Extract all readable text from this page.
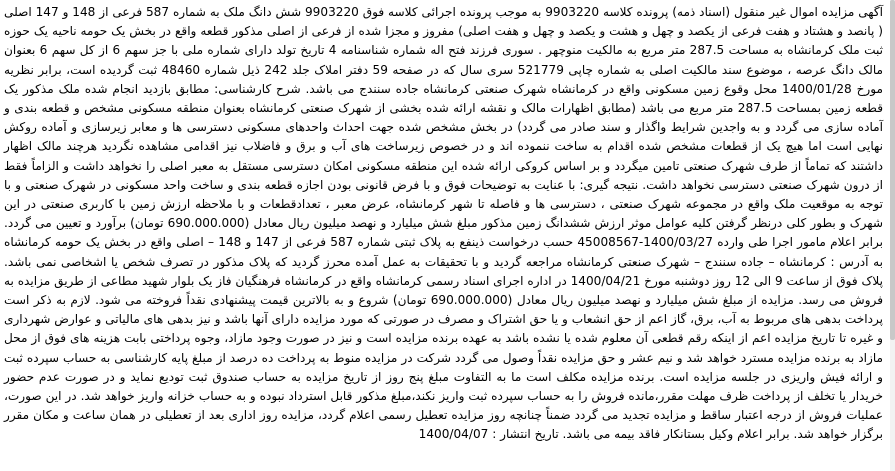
آگهی مزایده اموال غیر منقول (اسناد ذمه) پرونده کلاسه 9903220 به موجب پرونده اجرائی کلاسه فوق 9903220 شش دانگ ملک به شماره 587 فرعی از 148 و 147 اصلی ( پانصد و هشتاد و هفت فرعی از یکصد و چهل و هشت و یکصد و چهل و هفت اصلی) مفروز و مجزا شده از فرعی از اصلی مذکور قطعه واقع در بخش یک حومه ناحیه یک حوزه ثبت ملک کرمانشاه به مساحت 287.5 متر مربع به مالکیت منوچهر . سوری فرزند فتح اله شماره شناسنامه 4 تاریخ تولد دارای شماره ملی با جز سهم 6 از کل سهم 6 بعنوان مالک دانگ عرصه ، موضوع سند مالکیت اصلی به شماره چاپی 521779 سری سال که در صفحه 59 دفتر املاک جلد 242 ذیل شماره 48460 ثبت گردیده است، برابر نظریه مورخ 1400/01/28 محل وقوع زمین مسکونی واقع در کرمانشاه شهرک صنعتی کرمانشاه جاده سنندج می باشد. شرح کارشناسی: مطابق بازدید انجام شده ملک مذکور یک قطعه زمین بمساحت 287.5 متر مربع می باشد (مطابق اظهارات مالک و نقشه ارائه شده بخشی از شهرک صنعتی کرمانشاه بعنوان منطقه مسکونی مشخص و قطعه بندی و آماده سازی می گردد و به واجدین شرایط واگذار و سند صادر می گردد) در بخش مشخص شده جهت احداث واحدهای مسکونی دسترسی ها و معابر زیرسازی و آماده روکش نهایی است اما هیچ یک از قطعات مشخص شده اقدام به ساخت ننموده اند و در خصوص زیرساخت های آب و برق و فاضلاب نیز اقدامی مشاهده نگردید هرچند مالک اظهار داشتند که تماماً از طرف شهرک صنعتی تامین میگردد و بر اساس کروکی ارائه شده این منطقه مسکونی امکان دسترسی مستقل به معبر اصلی را نخواهد داشت و الزاماً فقط از درون شهرک صنعتی دسترسی نخواهد داشت. نتیجه گیری: با عنایت به توضیحات فوق و با فرض قانونی بودن اجازه قطعه بندی و ساخت واحد مسکونی در شهرک صنعتی و با توجه به موقعیت ملک واقع در مجموعه شهرک صنعتی ، دسترسی ها و فاصله تا شهر کرمانشاه، عرض معبر ، تعدادقطعات و با ملاحظه ارزش زمین با کاربری صنعتی در این شهرک و بطور کلی درنظر گرفتن کلیه عوامل موثر ارزش ششدانگ زمین مذکور مبلغ شش میلیارد و نهصد میلیون ریال معادل (690.000.000 تومان) برآورد و تعیین می گردد. برابر اعلام مامور اجرا طی وارده 1400/03/27-45008567 حسب درخواست ذینفع به پلاک ثبتی شماره 587 فرعی از 147 و 148 – اصلی واقع در بخش یک حومه کرمانشاه به آدرس : کرمانشاه – جاده سنندج – شهرک صنعتی کرمانشاه مراجعه گردید و با تحقیقات به عمل آمده محرز گردید که پلاک مذکور در تصرف شخص یا اشخاصی نمی باشد. پلاک فوق از ساعت 9 الی 12 روز دوشنبه مورخ 1400/04/21 در اداره اجرای اسناد رسمی کرمانشاه واقع در کرمانشاه فرهنگیان فاز یک بلوار شهید مطاعی از طریق مزایده به فروش می رسد. مزایده از مبلغ شش میلیارد و نهصد میلیون ریال معادل (690.000.000 تومان) شروع و به بالاترین قیمت پیشنهادی نقداً فروخته می شود. لازم به ذکر است پرداخت بدهی های مربوط به آب، برق، گاز اعم از حق انشعاب و یا حق اشتراک و مصرف در صورتی که مورد مزایده دارای آنها باشد و نیز بدهی های مالیاتی و عوارض شهرداری و غیره تا تاریخ مزایده اعم از اینکه رقم قطعی آن معلوم شده یا نشده باشد به عهده برنده مزایده است و نیز در صورت وجود مازاد، وجوه پرداختی بابت هزینه های فوق از محل مازاد به برنده مزایده مسترد خواهد شد و نیم عشر و حق مزایده نقداً وصول می گردد شرکت در مزایده منوط به پرداخت ده درصد از مبلغ پایه کارشناسی به حساب سپرده ثبت و ارائه فیش واریزی در جلسه مزایده است. برنده مزایده مکلف است ما به التفاوت مبلغ پنج روز از تاریخ مزایده به حساب صندوق ثبت تودیع نماید و در صورت عدم حضور خریدار یا تخلف از پرداخت ظرف مهلت مقرر،مانده فروش را به حساب سپرده ثبت واریز نکند،مبلغ مذکور قابل استرداد نبوده و به حساب خزانه واریز خواهد شد. در این صورت، عملیات فروش از درجه اعتبار ساقط و مزایده تجدید می گردد ضمناً چنانچه روز مزایده تعطیل رسمی اعلام گردد، مزایده روز اداری بعد از تعطیلی در همان ساعت و مکان مقرر برگزار خواهد شد. برابر اعلام وکیل بستانکار فاقد بیمه می باشد. تاریخ انتشار : 1400/04/07
